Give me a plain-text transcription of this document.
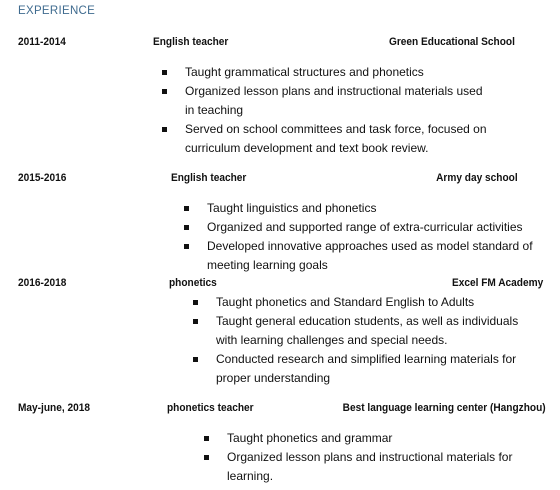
EXPERIENCE
2011-2014	English teacher	Green Educational School
Taught grammatical structures and phonetics
Organized lesson plans and instructional materials used in teaching
Served on school committees and task force, focused on curriculum development and text book review.
2015-2016	English teacher	Army day school
Taught linguistics and phonetics
Organized and supported range of extra-curricular activities
Developed innovative approaches used as model standard of meeting learning goals
2016-2018	phonetics	Excel FM Academy
Taught phonetics and Standard English to Adults
Taught general education students, as well as individuals with learning challenges and special needs.
Conducted research and simplified learning materials for proper understanding
May-june, 2018	phonetics teacher	Best language learning center (Hangzhou)
Taught phonetics and grammar
Organized lesson plans and instructional materials for learning.
